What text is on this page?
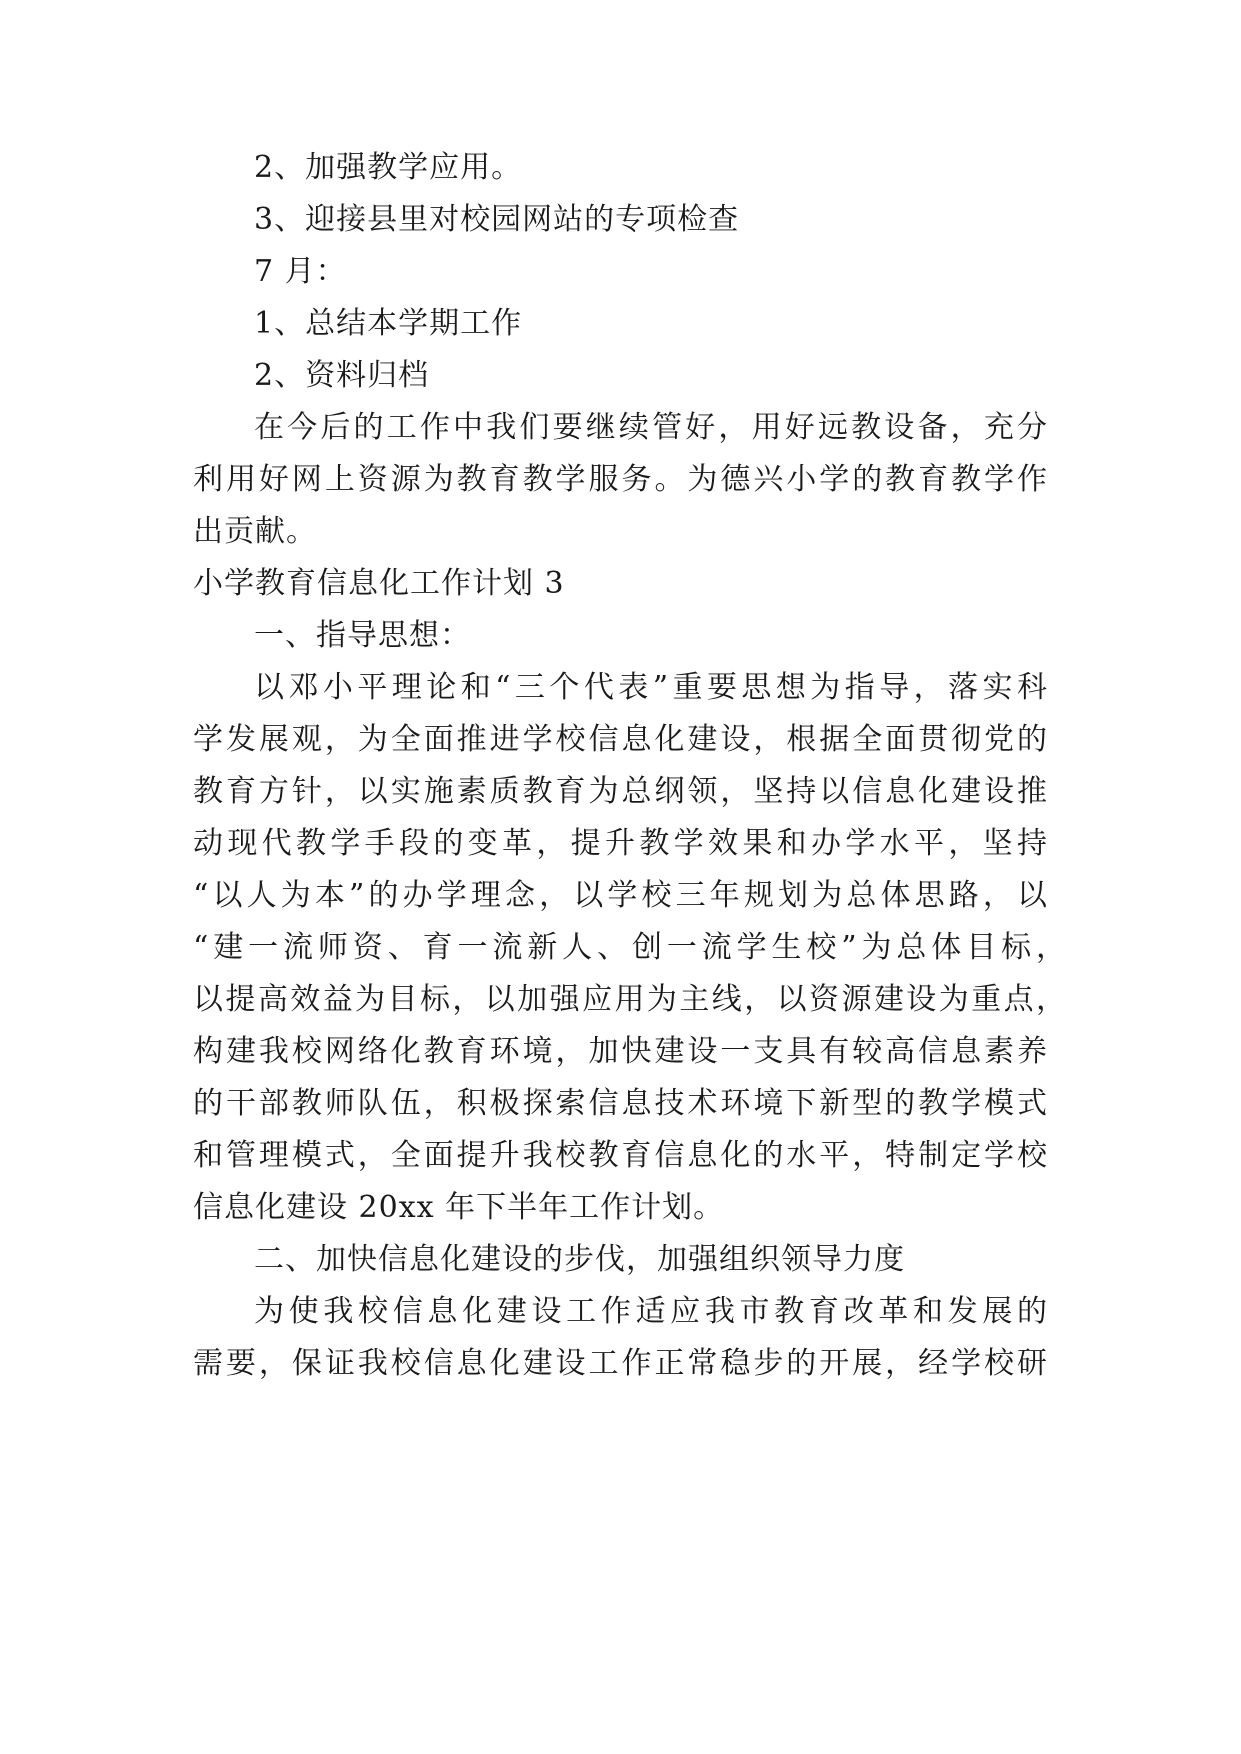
2、加强教学应用。
3、迎接县里对校园网站的专项检查
7 月：
1、总结本学期工作
2、资料归档
在今后的工作中我们要继续管好，用好远教设备，充分
利用好网上资源为教育教学服务。为德兴小学的教育教学作
出贡献。
小学教育信息化工作计划 3
一、指导思想：
以邓小平理论和“三个代表”重要思想为指导，落实科
学发展观，为全面推进学校信息化建设，根据全面贯彻党的
教育方针，以实施素质教育为总纲领，坚持以信息化建设推
动现代教学手段的变革，提升教学效果和办学水平，坚持
“以人为本”的办学理念，以学校三年规划为总体思路，以
“建一流师资、育一流新人、创一流学生校”为总体目标，
以提高效益为目标，以加强应用为主线，以资源建设为重点，
构建我校网络化教育环境，加快建设一支具有较高信息素养
的干部教师队伍，积极探索信息技术环境下新型的教学模式
和管理模式，全面提升我校教育信息化的水平，特制定学校
信息化建设 20xx 年下半年工作计划。
二、加快信息化建设的步伐，加强组织领导力度
为使我校信息化建设工作适应我市教育改革和发展的
需要，保证我校信息化建设工作正常稳步的开展，经学校研
